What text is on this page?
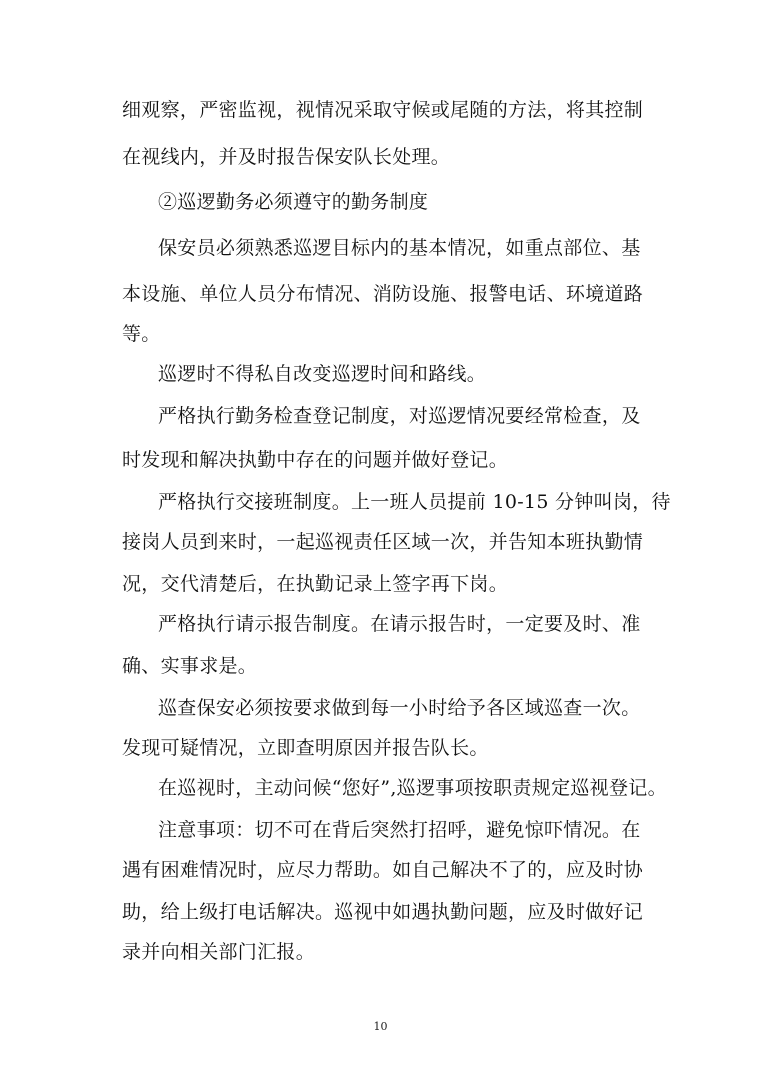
细观察，严密监视，视情况采取守候或尾随的方法，将其控制
在视线内，并及时报告保安队长处理。
②巡逻勤务必须遵守的勤务制度
保安员必须熟悉巡逻目标内的基本情况，如重点部位、基
本设施、单位人员分布情况、消防设施、报警电话、环境道路
等。
巡逻时不得私自改变巡逻时间和路线。
严格执行勤务检查登记制度，对巡逻情况要经常检查，及
时发现和解决执勤中存在的问题并做好登记。
严格执行交接班制度。上一班人员提前 10-15 分钟叫岗，待
接岗人员到来时，一起巡视责任区域一次，并告知本班执勤情
况，交代清楚后，在执勤记录上签字再下岗。
严格执行请示报告制度。在请示报告时，一定要及时、准
确、实事求是。
巡查保安必须按要求做到每一小时给予各区域巡查一次。
发现可疑情况，立即查明原因并报告队长。
在巡视时，主动问候“您好”,巡逻事项按职责规定巡视登记。
注意事项：切不可在背后突然打招呼，避免惊吓情况。在
遇有困难情况时，应尽力帮助。如自己解决不了的，应及时协
助，给上级打电话解决。巡视中如遇执勤问题，应及时做好记
录并向相关部门汇报。
10
